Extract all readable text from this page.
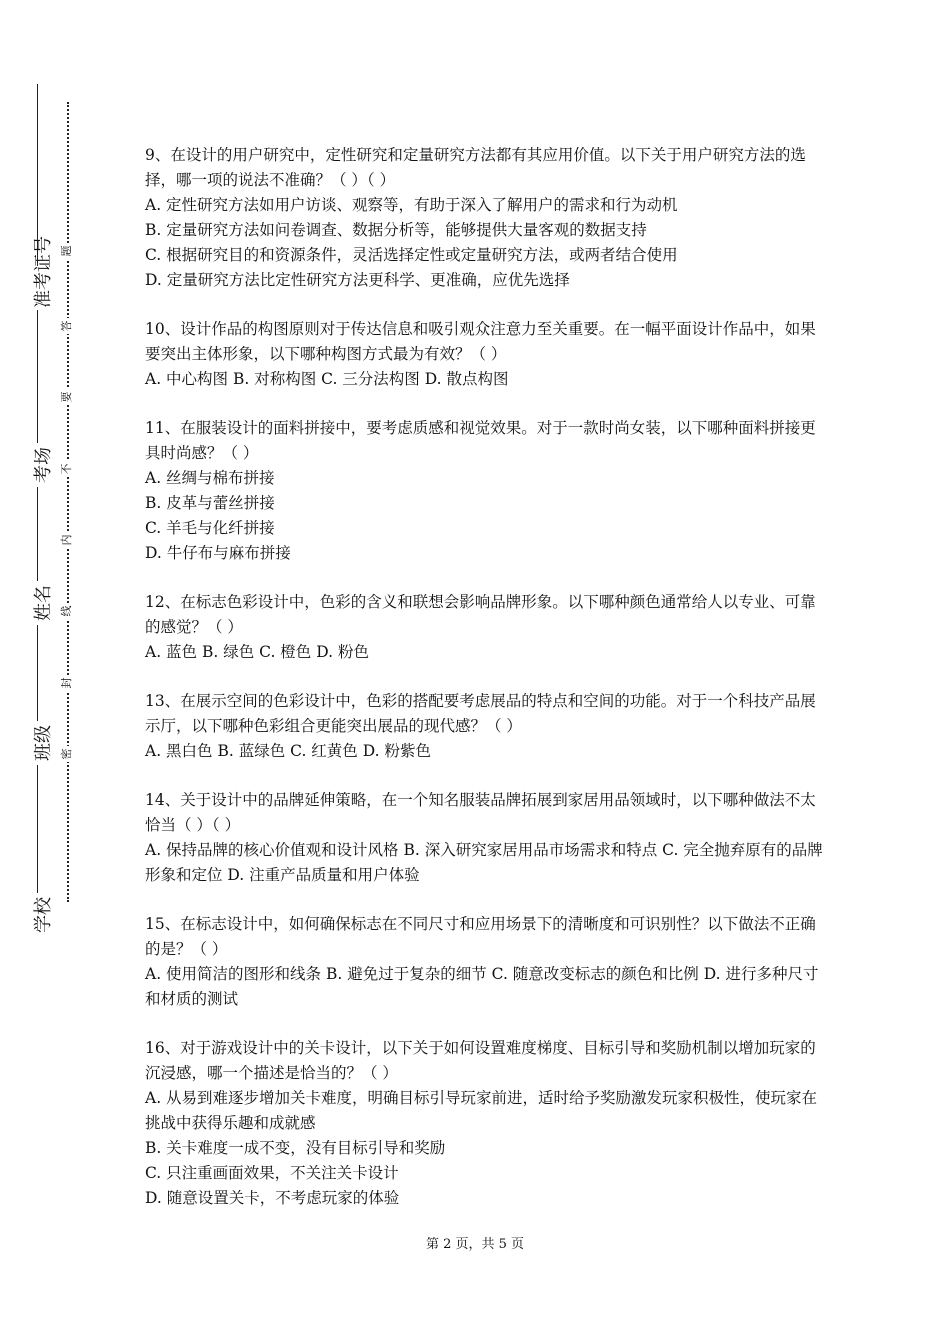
准考证号
考场
姓名
班级
学校
题
答
要
不
内
线
封
密

9、在设计的用户研究中，定性研究和定量研究方法都有其应用价值。以下关于用户研究方法的选择，哪一项的说法不准确？（ ）（ ）

A. 定性研究方法如用户访谈、观察等，有助于深入了解用户的需求和行为动机

B. 定量研究方法如问卷调查、数据分析等，能够提供大量客观的数据支持

C. 根据研究目的和资源条件，灵活选择定性或定量研究方法，或两者结合使用

D. 定量研究方法比定性研究方法更科学、更准确，应优先选择

10、设计作品的构图原则对于传达信息和吸引观众注意力至关重要。在一幅平面设计作品中，如果要突出主体形象，以下哪种构图方式最为有效？（ ）

A. 中心构图 B. 对称构图 C. 三分法构图 D. 散点构图

11、在服装设计的面料拼接中，要考虑质感和视觉效果。对于一款时尚女装，以下哪种面料拼接更具时尚感？（ ）

A. 丝绸与棉布拼接

B. 皮革与蕾丝拼接

C. 羊毛与化纤拼接

D. 牛仔布与麻布拼接

12、在标志色彩设计中，色彩的含义和联想会影响品牌形象。以下哪种颜色通常给人以专业、可靠的感觉？（ ）

A. 蓝色 B. 绿色 C. 橙色 D. 粉色

13、在展示空间的色彩设计中，色彩的搭配要考虑展品的特点和空间的功能。对于一个科技产品展示厅，以下哪种色彩组合更能突出展品的现代感？（ ）

A. 黑白色 B. 蓝绿色 C. 红黄色 D. 粉紫色

14、关于设计中的品牌延伸策略，在一个知名服装品牌拓展到家居用品领域时，以下哪种做法不太恰当（ ）（ ）

A. 保持品牌的核心价值观和设计风格 B. 深入研究家居用品市场需求和特点 C. 完全抛弃原有的品牌形象和定位 D. 注重产品质量和用户体验

15、在标志设计中，如何确保标志在不同尺寸和应用场景下的清晰度和可识别性？以下做法不正确的是？（ ）

A. 使用简洁的图形和线条 B. 避免过于复杂的细节 C. 随意改变标志的颜色和比例 D. 进行多种尺寸和材质的测试

16、对于游戏设计中的关卡设计，以下关于如何设置难度梯度、目标引导和奖励机制以增加玩家的沉浸感，哪一个描述是恰当的？（ ）

A. 从易到难逐步增加关卡难度，明确目标引导玩家前进，适时给予奖励激发玩家积极性，使玩家在挑战中获得乐趣和成就感

B. 关卡难度一成不变，没有目标引导和奖励

C. 只注重画面效果，不关注关卡设计

D. 随意设置关卡，不考虑玩家的体验

第 2 页，共 5 页
